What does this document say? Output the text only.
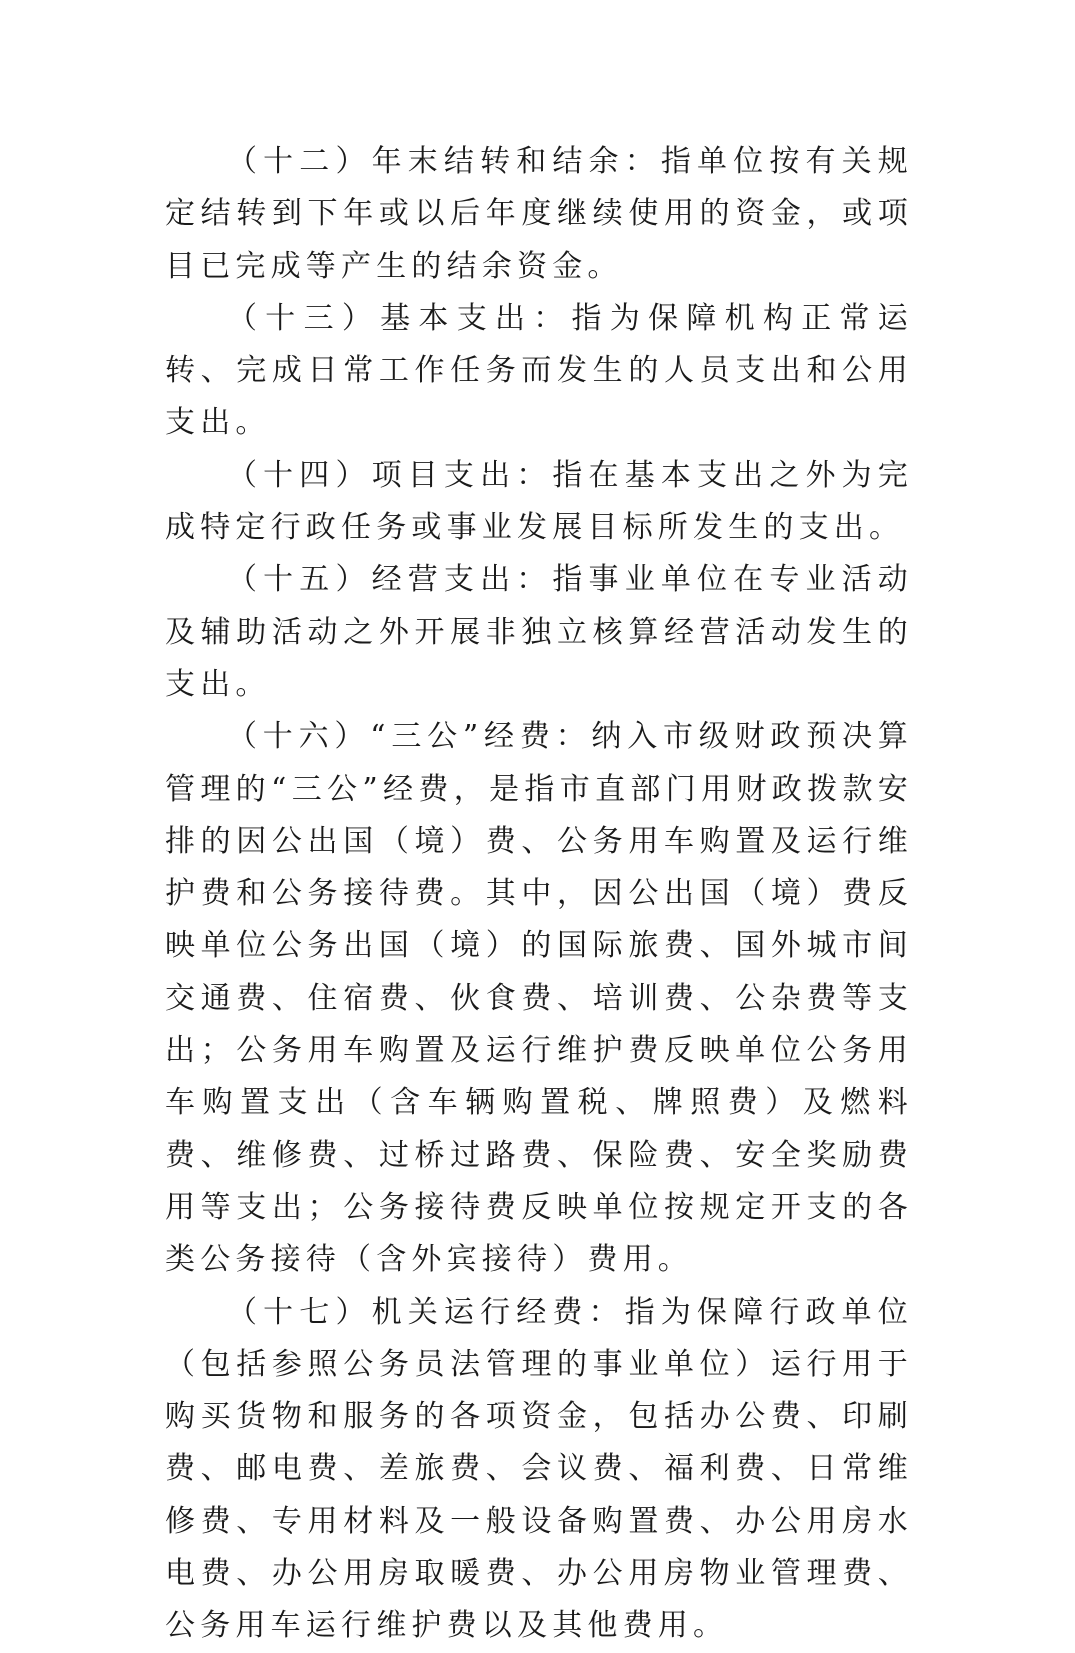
（十二）年末结转和结余：指单位按有关规定结转到下年或以后年度继续使用的资金，或项目已完成等产生的结余资金。

（十三）基本支出：指为保障机构正常运转、完成日常工作任务而发生的人员支出和公用支出。

（十四）项目支出：指在基本支出之外为完成特定行政任务或事业发展目标所发生的支出。

（十五）经营支出：指事业单位在专业活动及辅助活动之外开展非独立核算经营活动发生的支出。

（十六）“三公”经费：纳入市级财政预决算管理的“三公”经费，是指市直部门用财政拨款安排的因公出国（境）费、公务用车购置及运行维护费和公务接待费。其中，因公出国（境）费反映单位公务出国（境）的国际旅费、国外城市间交通费、住宿费、伙食费、培训费、公杂费等支出；公务用车购置及运行维护费反映单位公务用车购置支出（含车辆购置税、牌照费）及燃料费、维修费、过桥过路费、保险费、安全奖励费用等支出；公务接待费反映单位按规定开支的各类公务接待（含外宾接待）费用。

（十七）机关运行经费：指为保障行政单位（包括参照公务员法管理的事业单位）运行用于购买货物和服务的各项资金，包括办公费、印刷费、邮电费、差旅费、会议费、福利费、日常维修费、专用材料及一般设备购置费、办公用房水电费、办公用房取暖费、办公用房物业管理费、公务用车运行维护费以及其他费用。
